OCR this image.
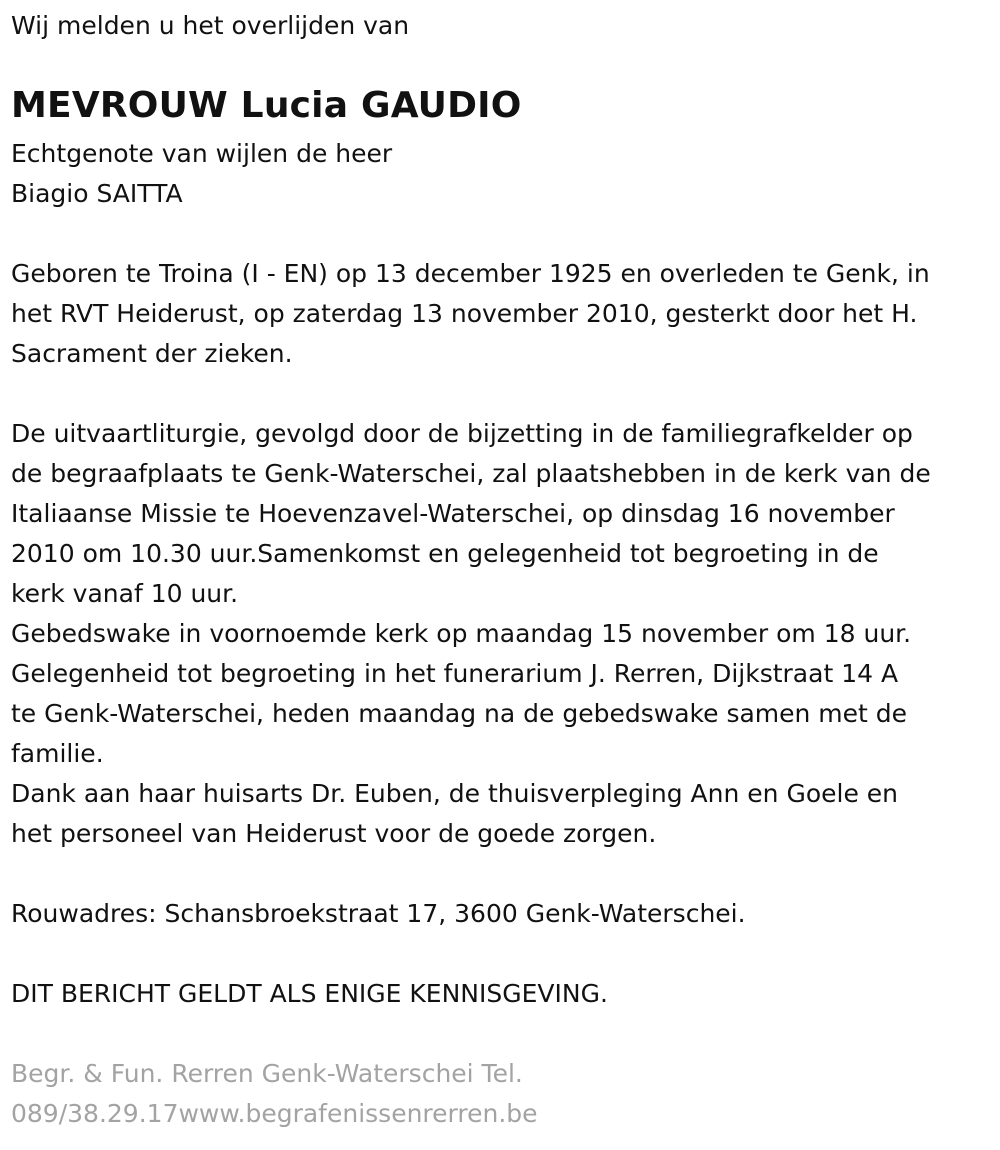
Wij melden u het overlijden van
MEVROUW Lucia GAUDIO
Echtgenote van wijlen de heer
Biagio SAITTA
Geboren te Troina (I - EN) op 13 december 1925 en overleden te Genk, in
het RVT Heiderust, op zaterdag 13 november 2010, gesterkt door het H.
Sacrament der zieken.
De uitvaartliturgie, gevolgd door de bijzetting in de familiegrafkelder op
de begraafplaats te Genk-Waterschei, zal plaatshebben in de kerk van de
Italiaanse Missie te Hoevenzavel-Waterschei, op dinsdag 16 november
2010 om 10.30 uur.Samenkomst en gelegenheid tot begroeting in de
kerk vanaf 10 uur.
Gebedswake in voornoemde kerk op maandag 15 november om 18 uur.
Gelegenheid tot begroeting in het funerarium J. Rerren, Dijkstraat 14 A
te Genk-Waterschei, heden maandag na de gebedswake samen met de
familie.
Dank aan haar huisarts Dr. Euben, de thuisverpleging Ann en Goele en
het personeel van Heiderust voor de goede zorgen.
Rouwadres: Schansbroekstraat 17, 3600 Genk-Waterschei.
DIT BERICHT GELDT ALS ENIGE KENNISGEVING.
Begr. & Fun. Rerren Genk-Waterschei Tel.
089/38.29.17www.begrafenissenrerren.be
